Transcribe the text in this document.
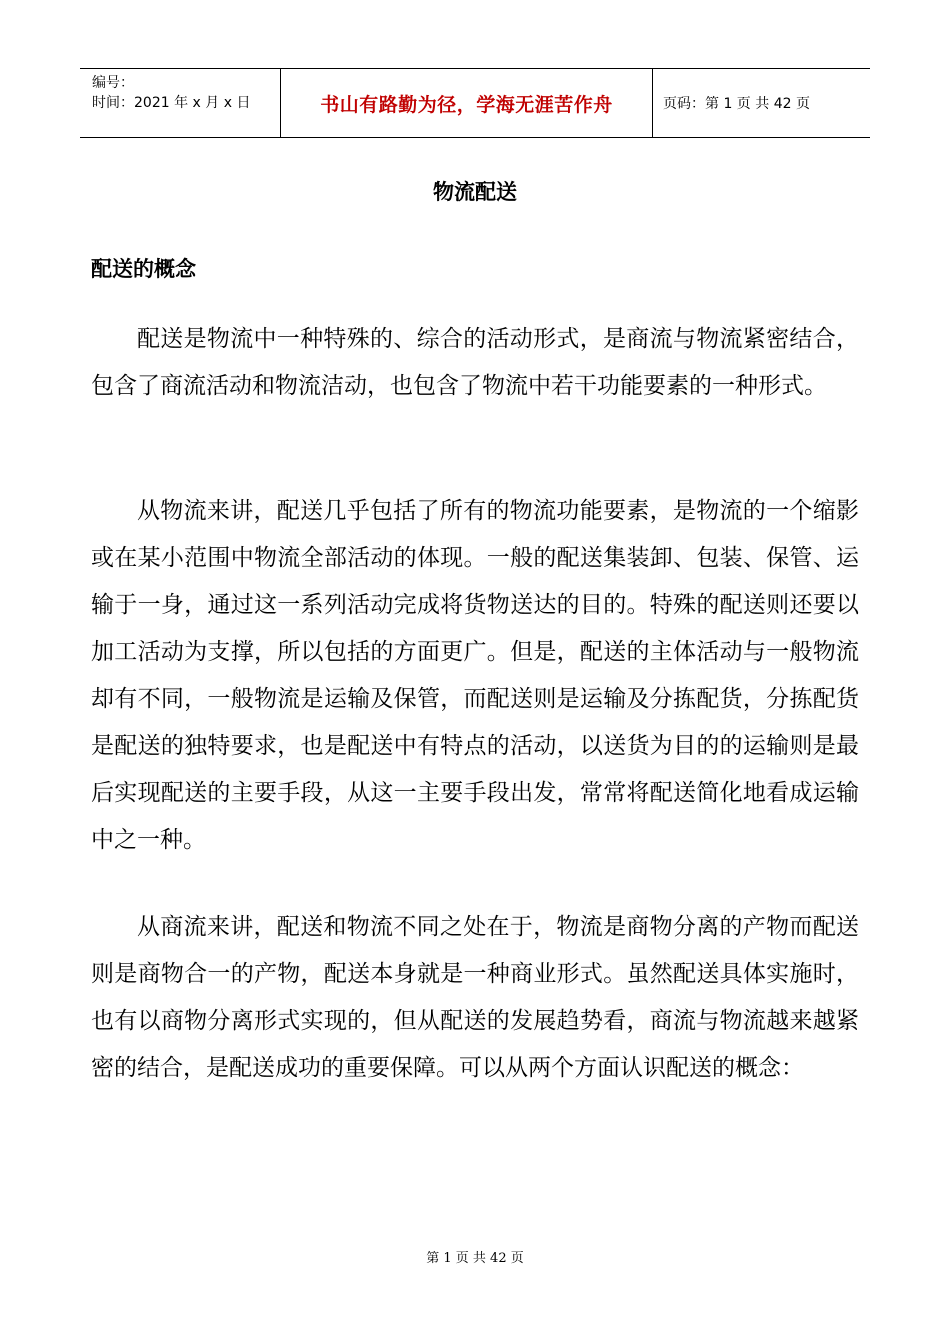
编号：
时间：2021 年 x 月 x 日	书山有路勤为径，学海无涯苦作舟	页码：第 1 页 共 42 页
物流配送
配送的概念

配送是物流中一种特殊的、综合的活动形式，是商流与物流紧密结合，包含了商流活动和物流洁动，也包含了物流中若干功能要素的一种形式。

从物流来讲，配送几乎包括了所有的物流功能要素，是物流的一个缩影或在某小范围中物流全部活动的体现。一般的配送集装卸、包装、保管、运输于一身，通过这一系列活动完成将货物送达的目的。特殊的配送则还要以加工活动为支撑，所以包括的方面更广。但是，配送的主体活动与一般物流却有不同，一般物流是运输及保管，而配送则是运输及分拣配货，分拣配货是配送的独特要求，也是配送中有特点的活动，以送货为目的的运输则是最后实现配送的主要手段，从这一主要手段出发，常常将配送简化地看成运输中之一种。

从商流来讲，配送和物流不同之处在于，物流是商物分离的产物而配送则是商物合一的产物，配送本身就是一种商业形式。虽然配送具体实施时，也有以商物分离形式实现的，但从配送的发展趋势看，商流与物流越来越紧密的结合，是配送成功的重要保障。可以从两个方面认识配送的概念：

第 1 页 共 42 页
